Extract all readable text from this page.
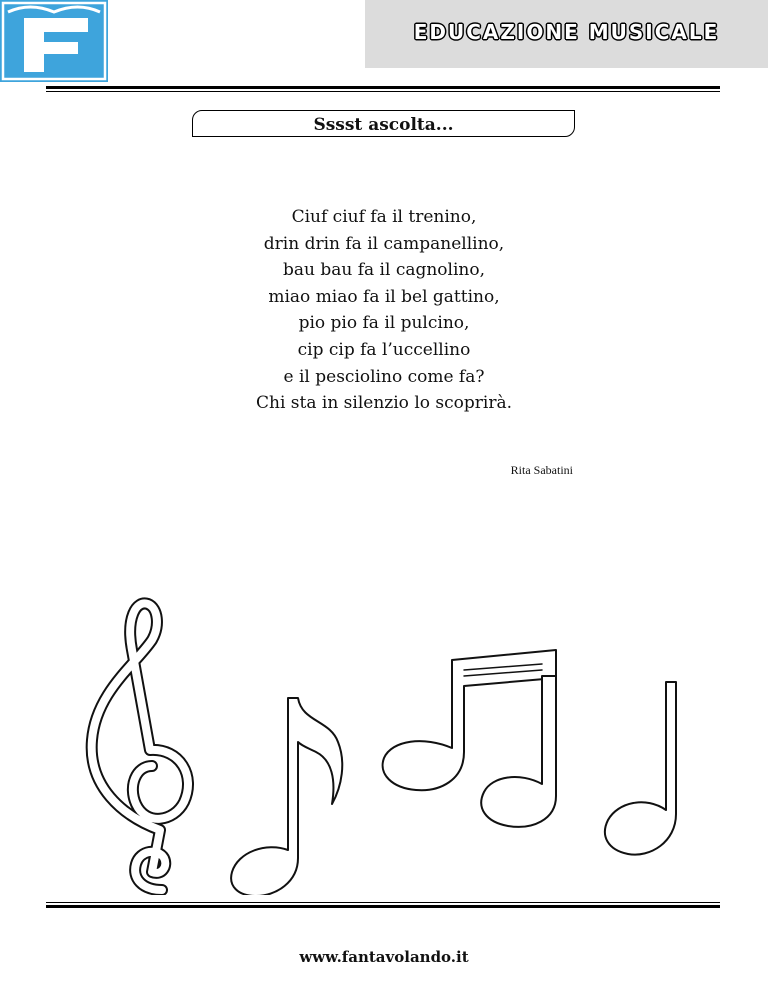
EDUCAZIONE MUSICALE
Sssst ascolta...
Ciuf ciuf fa il trenino,
drin drin fa il campanellino,
bau bau fa il cagnolino,
miao miao fa il bel gattino,
pio pio fa il pulcino,
cip cip fa l’uccellino
e il pesciolino come fa?
Chi sta in silenzio lo scoprirà.
Rita Sabatini
www.fantavolando.it
